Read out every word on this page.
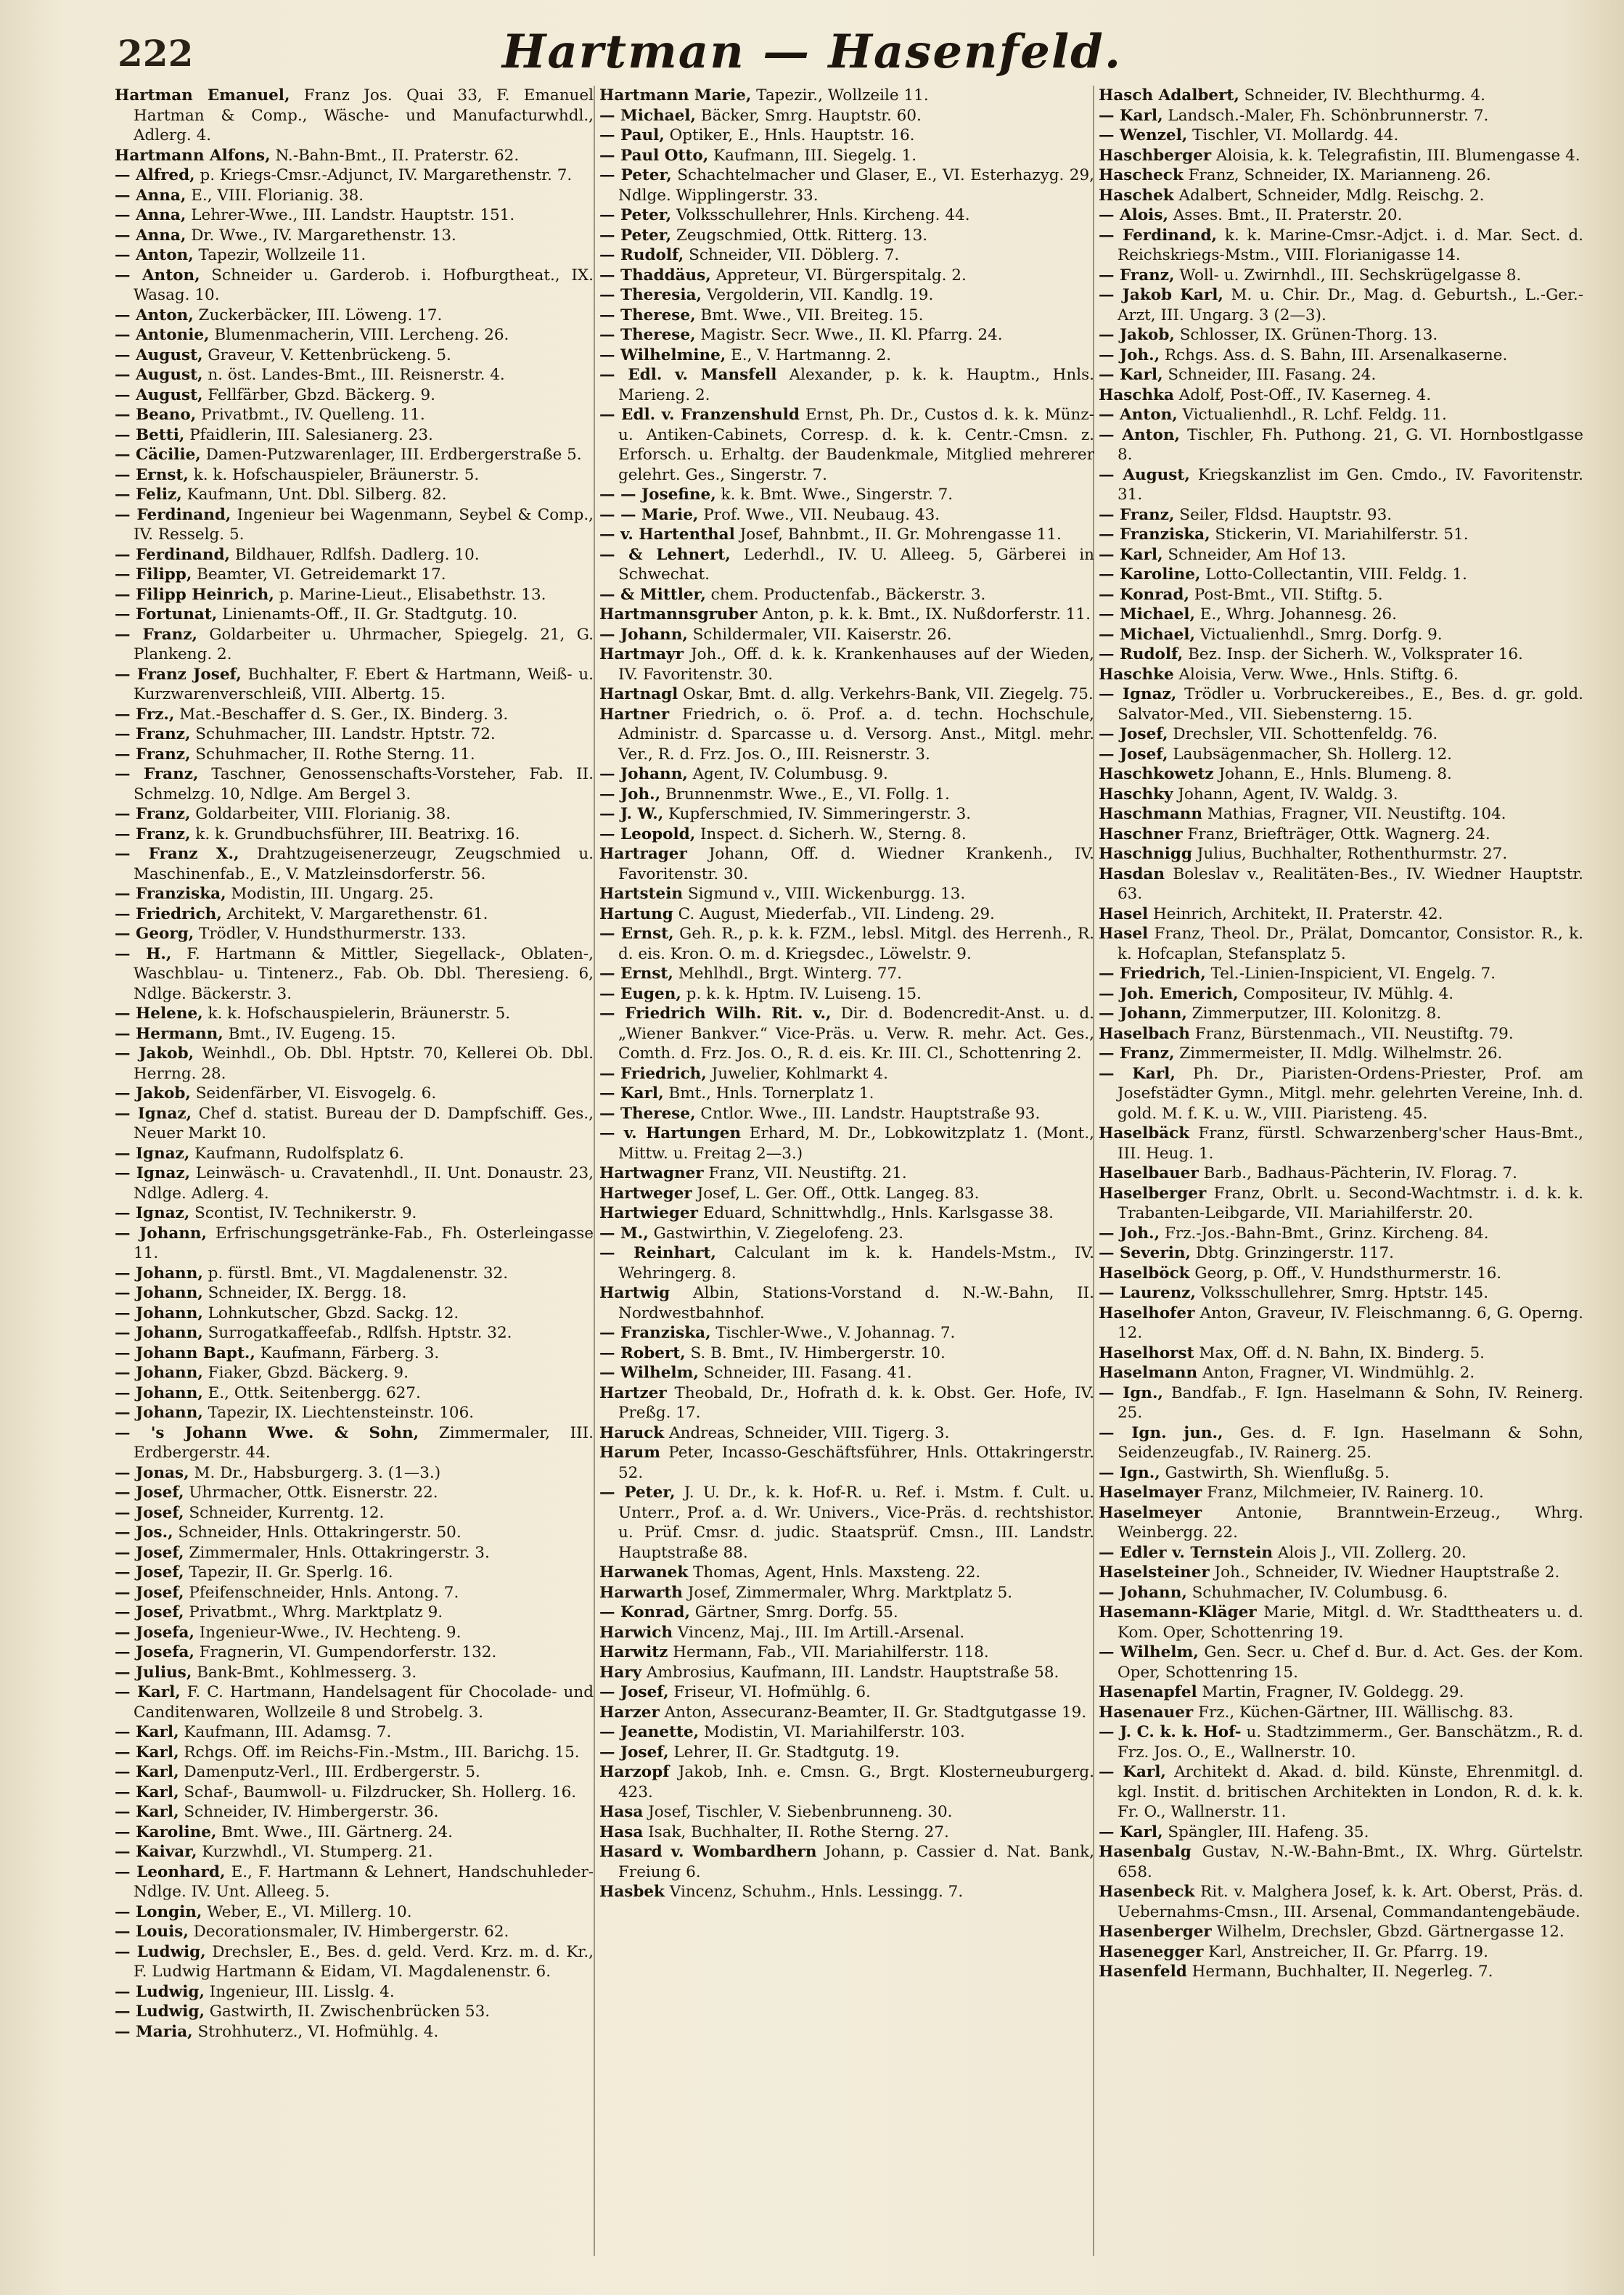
222	Hartman — Hasenfeld.

Hartman Emanuel, Franz Jos. Quai 33, F. Emanuel Hartman & Comp., Wäsche- und Manufacturwhdl., Adlerg. 4.

Hartmann Alfons, N.-Bahn-Bmt., II. Praterstr. 62.

— Alfred, p. Kriegs-Cmsr.-Adjunct, IV. Margarethenstr. 7.

— Anna, E., VIII. Florianig. 38.

— Anna, Lehrer-Wwe., III. Landstr. Hauptstr. 151.

— Anna, Dr. Wwe., IV. Margarethenstr. 13.

— Anton, Tapezir, Wollzeile 11.

— Anton, Schneider u. Garderob. i. Hofburgtheat., IX. Wasag. 10.

— Anton, Zuckerbäcker, III. Löweng. 17.

— Antonie, Blumenmacherin, VIII. Lercheng. 26.

— August, Graveur, V. Kettenbrückeng. 5.

— August, n. öst. Landes-Bmt., III. Reisnerstr. 4.

— August, Fellfärber, Gbzd. Bäckerg. 9.

— Beano, Privatbmt., IV. Quelleng. 11.

— Betti, Pfaidlerin, III. Salesianerg. 23.

— Cäcilie, Damen-Putzwarenlager, III. Erdbergerstraße 5.

— Ernst, k. k. Hofschauspieler, Bräunerstr. 5.

— Feliz, Kaufmann, Unt. Dbl. Silberg. 82.

— Ferdinand, Ingenieur bei Wagenmann, Seybel & Comp., IV. Resselg. 5.

— Ferdinand, Bildhauer, Rdlfsh. Dadlerg. 10.

— Filipp, Beamter, VI. Getreidemarkt 17.

— Filipp Heinrich, p. Marine-Lieut., Elisabethstr. 13.

— Fortunat, Linienamts-Off., II. Gr. Stadtgutg. 10.

— Franz, Goldarbeiter u. Uhrmacher, Spiegelg. 21, G. Plankeng. 2.

— Franz Josef, Buchhalter, F. Ebert & Hartmann, Weiß- u. Kurzwarenverschleiß, VIII. Albertg. 15.

— Frz., Mat.-Beschaffer d. S. Ger., IX. Binderg. 3.

— Franz, Schuhmacher, III. Landstr. Hptstr. 72.

— Franz, Schuhmacher, II. Rothe Sterng. 11.

— Franz, Taschner, Genossenschafts-Vorsteher, Fab. II. Schmelzg. 10, Ndlge. Am Bergel 3.

— Franz, Goldarbeiter, VIII. Florianig. 38.

— Franz, k. k. Grundbuchsführer, III. Beatrixg. 16.

— Franz X., Drahtzugeisenerzeugr, Zeugschmied u. Maschinenfab., E., V. Matzleinsdorferstr. 56.

— Franziska, Modistin, III. Ungarg. 25.

— Friedrich, Architekt, V. Margarethenstr. 61.

— Georg, Trödler, V. Hundsthurmerstr. 133.

— H., F. Hartmann & Mittler, Siegellack-, Oblaten-, Waschblau- u. Tintenerz., Fab. Ob. Dbl. Theresieng. 6, Ndlge. Bäckerstr. 3.

— Helene, k. k. Hofschauspielerin, Bräunerstr. 5.

— Hermann, Bmt., IV. Eugeng. 15.

— Jakob, Weinhdl., Ob. Dbl. Hptstr. 70, Kellerei Ob. Dbl. Herrng. 28.

— Jakob, Seidenfärber, VI. Eisvogelg. 6.

— Ignaz, Chef d. statist. Bureau der D. Dampfschiff. Ges., Neuer Markt 10.

— Ignaz, Kaufmann, Rudolfsplatz 6.

— Ignaz, Leinwäsch- u. Cravatenhdl., II. Unt. Donaustr. 23, Ndlge. Adlerg. 4.

— Ignaz, Scontist, IV. Technikerstr. 9.

— Johann, Erfrischungsgetränke-Fab., Fh. Osterleingasse 11.

— Johann, p. fürstl. Bmt., VI. Magdalenenstr. 32.

— Johann, Schneider, IX. Bergg. 18.

— Johann, Lohnkutscher, Gbzd. Sackg. 12.

— Johann, Surrogatkaffeefab., Rdlfsh. Hptstr. 32.

— Johann Bapt., Kaufmann, Färberg. 3.

— Johann, Fiaker, Gbzd. Bäckerg. 9.

— Johann, E., Ottk. Seitenbergg. 627.

— Johann, Tapezir, IX. Liechtensteinstr. 106.

— 's Johann Wwe. & Sohn, Zimmermaler, III. Erdbergerstr. 44.

— Jonas, M. Dr., Habsburgerg. 3. (1—3.)

— Josef, Uhrmacher, Ottk. Eisnerstr. 22.

— Josef, Schneider, Kurrentg. 12.

— Jos., Schneider, Hnls. Ottakringerstr. 50.

— Josef, Zimmermaler, Hnls. Ottakringerstr. 3.

— Josef, Tapezir, II. Gr. Sperlg. 16.

— Josef, Pfeifenschneider, Hnls. Antong. 7.

— Josef, Privatbmt., Whrg. Marktplatz 9.

— Josefa, Ingenieur-Wwe., IV. Hechteng. 9.

— Josefa, Fragnerin, VI. Gumpendorferstr. 132.

— Julius, Bank-Bmt., Kohlmesserg. 3.

— Karl, F. C. Hartmann, Handelsagent für Chocolade- und Canditenwaren, Wollzeile 8 und Strobelg. 3.

— Karl, Kaufmann, III. Adamsg. 7.

— Karl, Rchgs. Off. im Reichs-Fin.-Mstm., III. Barichg. 15.

— Karl, Damenputz-Verl., III. Erdbergerstr. 5.

— Karl, Schaf-, Baumwoll- u. Filzdrucker, Sh. Hollerg. 16.

— Karl, Schneider, IV. Himbergerstr. 36.

— Karoline, Bmt. Wwe., III. Gärtnerg. 24.

— Kaivar, Kurzwhdl., VI. Stumperg. 21.

— Leonhard, E., F. Hartmann & Lehnert, Handschuhleder-Ndlge. IV. Unt. Alleeg. 5.

— Longin, Weber, E., VI. Millerg. 10.

— Louis, Decorationsmaler, IV. Himbergerstr. 62.

— Ludwig, Drechsler, E., Bes. d. geld. Verd. Krz. m. d. Kr., F. Ludwig Hartmann & Eidam, VI. Magdalenenstr. 6.

— Ludwig, Ingenieur, III. Lisslg. 4.

— Ludwig, Gastwirth, II. Zwischenbrücken 53.

— Maria, Strohhuterz., VI. Hofmühlg. 4.

Hartmann Marie, Tapezir., Wollzeile 11.

— Michael, Bäcker, Smrg. Hauptstr. 60.

— Paul, Optiker, E., Hnls. Hauptstr. 16.

— Paul Otto, Kaufmann, III. Siegelg. 1.

— Peter, Schachtelmacher und Glaser, E., VI. Esterhazyg. 29, Ndlge. Wipplingerstr. 33.

— Peter, Volksschullehrer, Hnls. Kircheng. 44.

— Peter, Zeugschmied, Ottk. Ritterg. 13.

— Rudolf, Schneider, VII. Döblerg. 7.

— Thaddäus, Appreteur, VI. Bürgerspitalg. 2.

— Theresia, Vergolderin, VII. Kandlg. 19.

— Therese, Bmt. Wwe., VII. Breiteg. 15.

— Therese, Magistr. Secr. Wwe., II. Kl. Pfarrg. 24.

— Wilhelmine, E., V. Hartmanng. 2.

— Edl. v. Mansfell Alexander, p. k. k. Hauptm., Hnls. Marieng. 2.

— Edl. v. Franzenshuld Ernst, Ph. Dr., Custos d. k. k. Münz- u. Antiken-Cabinets, Corresp. d. k. k. Centr.-Cmsn. z. Erforsch. u. Erhaltg. der Baudenkmale, Mitglied mehrerer gelehrt. Ges., Singerstr. 7.

— — Josefine, k. k. Bmt. Wwe., Singerstr. 7.

— — Marie, Prof. Wwe., VII. Neubaug. 43.

— v. Hartenthal Josef, Bahnbmt., II. Gr. Mohrengasse 11.

— & Lehnert, Lederhdl., IV. U. Alleeg. 5, Gärberei in Schwechat.

— & Mittler, chem. Productenfab., Bäckerstr. 3.

Hartmannsgruber Anton, p. k. k. Bmt., IX. Nußdorferstr. 11.

— Johann, Schildermaler, VII. Kaiserstr. 26.

Hartmayr Joh., Off. d. k. k. Krankenhauses auf der Wieden, IV. Favoritenstr. 30.

Hartnagl Oskar, Bmt. d. allg. Verkehrs-Bank, VII. Ziegelg. 75.

Hartner Friedrich, o. ö. Prof. a. d. techn. Hochschule, Administr. d. Sparcasse u. d. Versorg. Anst., Mitgl. mehr. Ver., R. d. Frz. Jos. O., III. Reisnerstr. 3.

— Johann, Agent, IV. Columbusg. 9.

— Joh., Brunnenmstr. Wwe., E., VI. Follg. 1.

— J. W., Kupferschmied, IV. Simmeringerstr. 3.

— Leopold, Inspect. d. Sicherh. W., Sterng. 8.

Hartrager Johann, Off. d. Wiedner Krankenh., IV. Favoritenstr. 30.

Hartstein Sigmund v., VIII. Wickenburgg. 13.

Hartung C. August, Miederfab., VII. Lindeng. 29.

— Ernst, Geh. R., p. k. k. FZM., lebsl. Mitgl. des Herrenh., R. d. eis. Kron. O. m. d. Kriegsdec., Löwelstr. 9.

— Ernst, Mehlhdl., Brgt. Winterg. 77.

— Eugen, p. k. k. Hptm. IV. Luiseng. 15.

— Friedrich Wilh. Rit. v., Dir. d. Bodencredit-Anst. u. d. „Wiener Bankver.“ Vice-Präs. u. Verw. R. mehr. Act. Ges., Comth. d. Frz. Jos. O., R. d. eis. Kr. III. Cl., Schottenring 2.

— Friedrich, Juwelier, Kohlmarkt 4.

— Karl, Bmt., Hnls. Tornerplatz 1.

— Therese, Cntlor. Wwe., III. Landstr. Hauptstraße 93.

— v. Hartungen Erhard, M. Dr., Lobkowitzplatz 1. (Mont., Mittw. u. Freitag 2—3.)

Hartwagner Franz, VII. Neustiftg. 21.

Hartweger Josef, L. Ger. Off., Ottk. Langeg. 83.

Hartwieger Eduard, Schnittwhdlg., Hnls. Karlsgasse 38.

— M., Gastwirthin, V. Ziegelofeng. 23.

— Reinhart, Calculant im k. k. Handels-Mstm., IV. Wehringerg. 8.

Hartwig Albin, Stations-Vorstand d. N.-W.-Bahn, II. Nordwestbahnhof.

— Franziska, Tischler-Wwe., V. Johannag. 7.

— Robert, S. B. Bmt., IV. Himbergerstr. 10.

— Wilhelm, Schneider, III. Fasang. 41.

Hartzer Theobald, Dr., Hofrath d. k. k. Obst. Ger. Hofe, IV. Preßg. 17.

Haruck Andreas, Schneider, VIII. Tigerg. 3.

Harum Peter, Incasso-Geschäftsführer, Hnls. Ottakringerstr. 52.

— Peter, J. U. Dr., k. k. Hof-R. u. Ref. i. Mstm. f. Cult. u. Unterr., Prof. a. d. Wr. Univers., Vice-Präs. d. rechtshistor. u. Prüf. Cmsr. d. judic. Staatsprüf. Cmsn., III. Landstr. Hauptstraße 88.

Harwanek Thomas, Agent, Hnls. Maxsteng. 22.

Harwarth Josef, Zimmermaler, Whrg. Marktplatz 5.

— Konrad, Gärtner, Smrg. Dorfg. 55.

Harwich Vincenz, Maj., III. Im Artill.-Arsenal.

Harwitz Hermann, Fab., VII. Mariahilferstr. 118.

Hary Ambrosius, Kaufmann, III. Landstr. Hauptstraße 58.

— Josef, Friseur, VI. Hofmühlg. 6.

Harzer Anton, Assecuranz-Beamter, II. Gr. Stadtgutgasse 19.

— Jeanette, Modistin, VI. Mariahilferstr. 103.

— Josef, Lehrer, II. Gr. Stadtgutg. 19.

Harzopf Jakob, Inh. e. Cmsn. G., Brgt. Klosterneuburgerg. 423.

Hasa Josef, Tischler, V. Siebenbrunneng. 30.

Hasa Isak, Buchhalter, II. Rothe Sterng. 27.

Hasard v. Wombardhern Johann, p. Cassier d. Nat. Bank, Freiung 6.

Hasbek Vincenz, Schuhm., Hnls. Lessingg. 7.

Hasch Adalbert, Schneider, IV. Blechthurmg. 4.

— Karl, Landsch.-Maler, Fh. Schönbrunnerstr. 7.

— Wenzel, Tischler, VI. Mollardg. 44.

Haschberger Aloisia, k. k. Telegrafistin, III. Blumengasse 4.

Hascheck Franz, Schneider, IX. Marianneng. 26.

Haschek Adalbert, Schneider, Mdlg. Reischg. 2.

— Alois, Asses. Bmt., II. Praterstr. 20.

— Ferdinand, k. k. Marine-Cmsr.-Adjct. i. d. Mar. Sect. d. Reichskriegs-Mstm., VIII. Florianigasse 14.

— Franz, Woll- u. Zwirnhdl., III. Sechskrügelgasse 8.

— Jakob Karl, M. u. Chir. Dr., Mag. d. Geburtsh., L.-Ger.-Arzt, III. Ungarg. 3 (2—3).

— Jakob, Schlosser, IX. Grünen-Thorg. 13.

— Joh., Rchgs. Ass. d. S. Bahn, III. Arsenalkaserne.

— Karl, Schneider, III. Fasang. 24.

Haschka Adolf, Post-Off., IV. Kaserneg. 4.

— Anton, Victualienhdl., R. Lchf. Feldg. 11.

— Anton, Tischler, Fh. Puthong. 21, G. VI. Hornbostlgasse 8.

— August, Kriegskanzlist im Gen. Cmdo., IV. Favoritenstr. 31.

— Franz, Seiler, Fldsd. Hauptstr. 93.

— Franziska, Stickerin, VI. Mariahilferstr. 51.

— Karl, Schneider, Am Hof 13.

— Karoline, Lotto-Collectantin, VIII. Feldg. 1.

— Konrad, Post-Bmt., VII. Stiftg. 5.

— Michael, E., Whrg. Johannesg. 26.

— Michael, Victualienhdl., Smrg. Dorfg. 9.

— Rudolf, Bez. Insp. der Sicherh. W., Volksprater 16.

Haschke Aloisia, Verw. Wwe., Hnls. Stiftg. 6.

— Ignaz, Trödler u. Vorbruckereibes., E., Bes. d. gr. gold. Salvator-Med., VII. Siebensterng. 15.

— Josef, Drechsler, VII. Schottenfeldg. 76.

— Josef, Laubsägenmacher, Sh. Hollerg. 12.

Haschkowetz Johann, E., Hnls. Blumeng. 8.

Haschky Johann, Agent, IV. Waldg. 3.

Haschmann Mathias, Fragner, VII. Neustiftg. 104.

Haschner Franz, Briefträger, Ottk. Wagnerg. 24.

Haschnigg Julius, Buchhalter, Rothenthurmstr. 27.

Hasdan Boleslav v., Realitäten-Bes., IV. Wiedner Hauptstr. 63.

Hasel Heinrich, Architekt, II. Praterstr. 42.

Hasel Franz, Theol. Dr., Prälat, Domcantor, Consistor. R., k. k. Hofcaplan, Stefansplatz 5.

— Friedrich, Tel.-Linien-Inspicient, VI. Engelg. 7.

— Joh. Emerich, Compositeur, IV. Mühlg. 4.

— Johann, Zimmerputzer, III. Kolonitzg. 8.

Haselbach Franz, Bürstenmach., VII. Neustiftg. 79.

— Franz, Zimmermeister, II. Mdlg. Wilhelmstr. 26.

— Karl, Ph. Dr., Piaristen-Ordens-Priester, Prof. am Josefstädter Gymn., Mitgl. mehr. gelehrten Vereine, Inh. d. gold. M. f. K. u. W., VIII. Piaristeng. 45.

Haselbäck Franz, fürstl. Schwarzenberg'scher Haus-Bmt., III. Heug. 1.

Haselbauer Barb., Badhaus-Pächterin, IV. Florag. 7.

Haselberger Franz, Obrlt. u. Second-Wachtmstr. i. d. k. k. Trabanten-Leibgarde, VII. Mariahilferstr. 20.

— Joh., Frz.-Jos.-Bahn-Bmt., Grinz. Kircheng. 84.

— Severin, Dbtg. Grinzingerstr. 117.

Haselböck Georg, p. Off., V. Hundsthurmerstr. 16.

— Laurenz, Volksschullehrer, Smrg. Hptstr. 145.

Haselhofer Anton, Graveur, IV. Fleischmanng. 6, G. Operng. 12.

Haselhorst Max, Off. d. N. Bahn, IX. Binderg. 5.

Haselmann Anton, Fragner, VI. Windmühlg. 2.

— Ign., Bandfab., F. Ign. Haselmann & Sohn, IV. Reinerg. 25.

— Ign. jun., Ges. d. F. Ign. Haselmann & Sohn, Seidenzeugfab., IV. Rainerg. 25.

— Ign., Gastwirth, Sh. Wienflußg. 5.

Haselmayer Franz, Milchmeier, IV. Rainerg. 10.

Haselmeyer Antonie, Branntwein-Erzeug., Whrg. Weinbergg. 22.

— Edler v. Ternstein Alois J., VII. Zollerg. 20.

Haselsteiner Joh., Schneider, IV. Wiedner Hauptstraße 2.

— Johann, Schuhmacher, IV. Columbusg. 6.

Hasemann-Kläger Marie, Mitgl. d. Wr. Stadttheaters u. d. Kom. Oper, Schottenring 19.

— Wilhelm, Gen. Secr. u. Chef d. Bur. d. Act. Ges. der Kom. Oper, Schottenring 15.

Hasenapfel Martin, Fragner, IV. Goldegg. 29.

Hasenauer Frz., Küchen-Gärtner, III. Wällischg. 83.

— J. C. k. k. Hof- u. Stadtzimmerm., Ger. Banschätzm., R. d. Frz. Jos. O., E., Wallnerstr. 10.

— Karl, Architekt d. Akad. d. bild. Künste, Ehrenmitgl. d. kgl. Instit. d. britischen Architekten in London, R. d. k. k. Fr. O., Wallnerstr. 11.

— Karl, Spängler, III. Hafeng. 35.

Hasenbalg Gustav, N.-W.-Bahn-Bmt., IX. Whrg. Gürtelstr. 658.

Hasenbeck Rit. v. Malghera Josef, k. k. Art. Oberst, Präs. d. Uebernahms-Cmsn., III. Arsenal, Commandantengebäude.

Hasenberger Wilhelm, Drechsler, Gbzd. Gärtnergasse 12.

Hasenegger Karl, Anstreicher, II. Gr. Pfarrg. 19.

Hasenfeld Hermann, Buchhalter, II. Negerleg. 7.
